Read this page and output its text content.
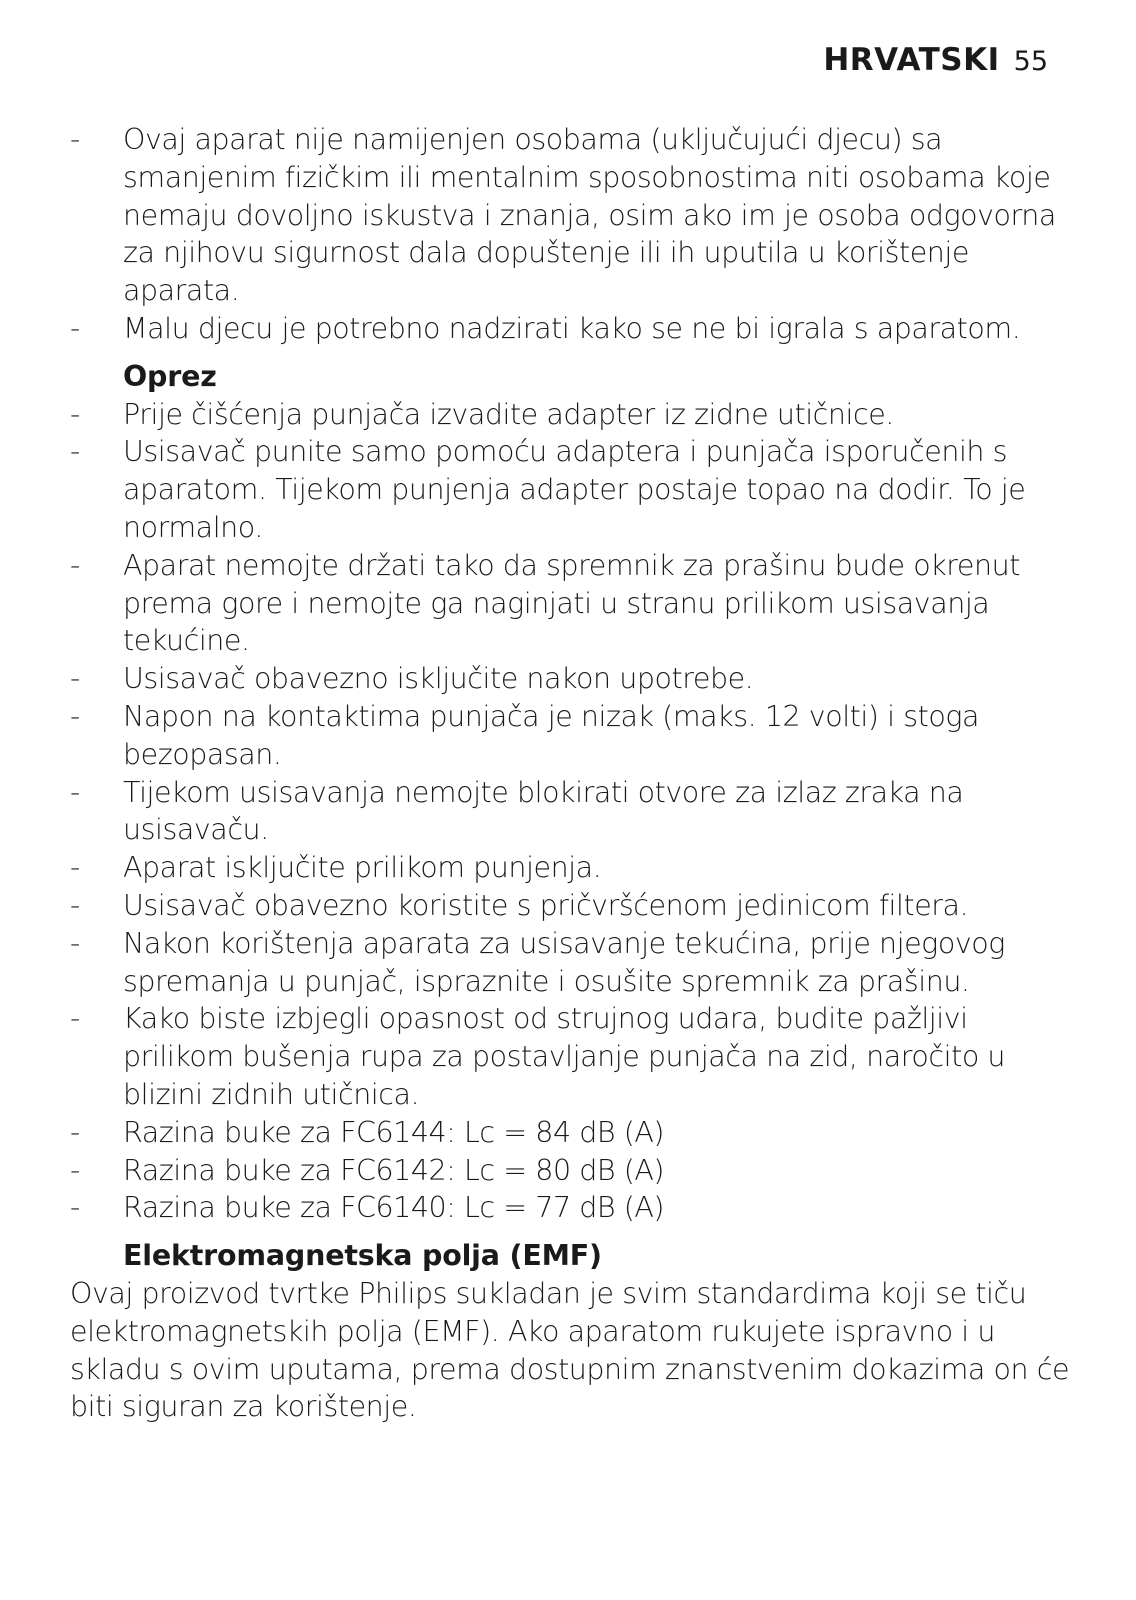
HRVATSKI 55
- Ovaj aparat nije namijenjen osobama (uključujući djecu) sa smanjenim fizičkim ili mentalnim sposobnostima niti osobama koje nemaju dovoljno iskustva i znanja, osim ako im je osoba odgovorna za njihovu sigurnost dala dopuštenje ili ih uputila u korištenje aparata.
- Malu djecu je potrebno nadzirati kako se ne bi igrala s aparatom.
Oprez
- Prije čišćenja punjača izvadite adapter iz zidne utičnice.
- Usisavač punite samo pomoću adaptera i punjača isporučenih s aparatom. Tijekom punjenja adapter postaje topao na dodir. To je normalno.
- Aparat nemojte držati tako da spremnik za prašinu bude okrenut prema gore i nemojte ga naginjati u stranu prilikom usisavanja tekućine.
- Usisavač obavezno isključite nakon upotrebe.
- Napon na kontaktima punjača je nizak (maks. 12 volti) i stoga bezopasan.
- Tijekom usisavanja nemojte blokirati otvore za izlaz zraka na usisavaču.
- Aparat isključite prilikom punjenja.
- Usisavač obavezno koristite s pričvršćenom jedinicom filtera.
- Nakon korištenja aparata za usisavanje tekućina, prije njegovog spremanja u punjač, ispraznite i osušite spremnik za prašinu.
- Kako biste izbjegli opasnost od strujnog udara, budite pažljivi prilikom bušenja rupa za postavljanje punjača na zid, naročito u blizini zidnih utičnica.
- Razina buke za FC6144: Lc = 84 dB (A)
- Razina buke za FC6142: Lc = 80 dB (A)
- Razina buke za FC6140: Lc = 77 dB (A)
Elektromagnetska polja (EMF)

Ovaj proizvod tvrtke Philips sukladan je svim standardima koji se tiču elektromagnetskih polja (EMF). Ako aparatom rukujete ispravno i u skladu s ovim uputama, prema dostupnim znanstvenim dokazima on će biti siguran za korištenje.
